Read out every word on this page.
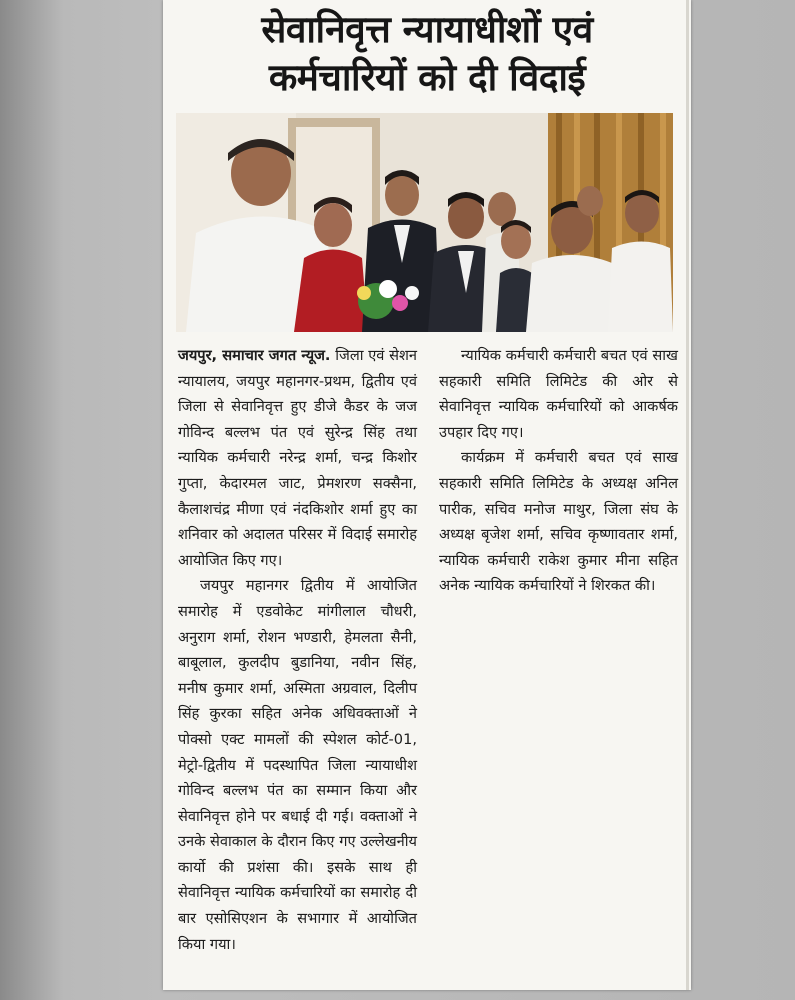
सेवानिवृत्त न्यायाधीशों एवं
कर्मचारियों को दी विदाई

जयपुर, समाचार जगत न्यूज. जिला एवं सेशन न्यायालय, जयपुर महानगर-प्रथम, द्वितीय एवं जिला से सेवानिवृत्त हुए डीजे कैडर के जज गोविन्द बल्लभ पंत एवं सुरेन्द्र सिंह तथा न्यायिक कर्मचारी नरेन्द्र शर्मा, चन्द्र किशोर गुप्ता, केदारमल जाट, प्रेमशरण सक्सैना, कैलाशचंद्र मीणा एवं नंदकिशोर शर्मा हुए का शनिवार को अदालत परिसर में विदाई समारोह आयोजित किए गए।

जयपुर महानगर द्वितीय में आयोजित समारोह में एडवोकेट मांगीलाल चौधरी, अनुराग शर्मा, रोशन भण्डारी, हेमलता सैनी, बाबूलाल, कुलदीप बुडानिया, नवीन सिंह, मनीष कुमार शर्मा, अस्मिता अग्रवाल, दिलीप सिंह कुरका सहित अनेक अधिवक्ताओं ने पोक्सो एक्ट मामलों की स्पेशल कोर्ट-01, मेट्रो-द्वितीय में पदस्थापित जिला न्यायाधीश गोविन्द बल्लभ पंत का सम्मान किया और सेवानिवृत्त होने पर बधाई दी गई। वक्ताओं ने उनके सेवाकाल के दौरान किए गए उल्लेखनीय कार्यो की प्रशंसा की। इसके साथ ही सेवानिवृत्त न्यायिक कर्मचारियों का समारोह दी बार एसोसिएशन के सभागार में आयोजित किया गया।

न्यायिक कर्मचारी कर्मचारी बचत एवं साख सहकारी समिति लिमिटेड की ओर से सेवानिवृत्त न्यायिक कर्मचारियों को आकर्षक उपहार दिए गए।

कार्यक्रम में कर्मचारी बचत एवं साख सहकारी समिति लिमिटेड के अध्यक्ष अनिल पारीक, सचिव मनोज माथुर, जिला संघ के अध्यक्ष बृजेश शर्मा, सचिव कृष्णावतार शर्मा, न्यायिक कर्मचारी राकेश कुमार मीना सहित अनेक न्यायिक कर्मचारियों ने शिरकत की।
